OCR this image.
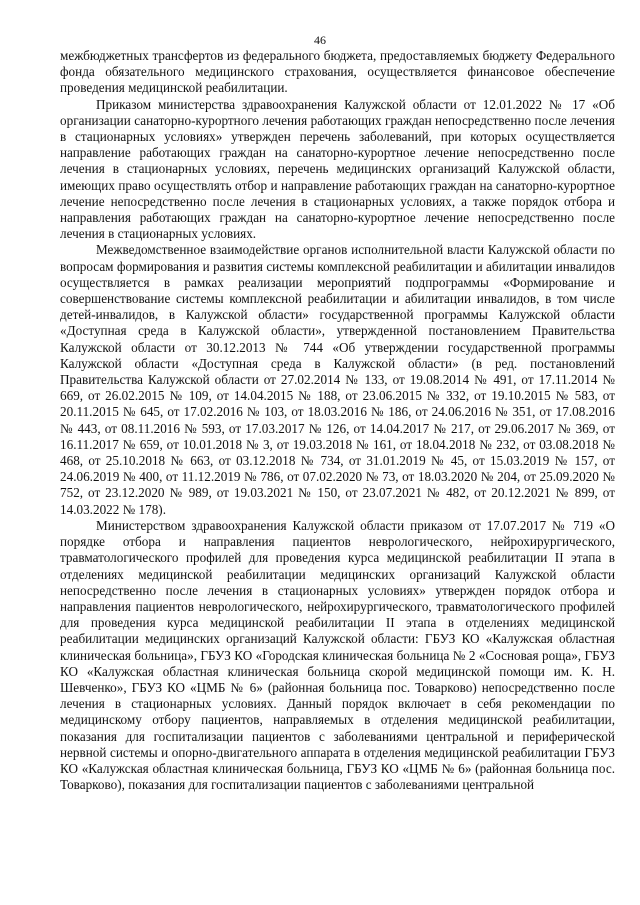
46

межбюджетных трансфертов из федерального бюджета, предоставляемых бюджету Федерального фонда обязательного медицинского страхования, осуществляется финансовое обеспечение проведения медицинской реабилитации.

Приказом министерства здравоохранения Калужской области от 12.01.2022 № 17 «Об организации санаторно-курортного лечения работающих граждан непосредственно после лечения в стационарных условиях» утвержден перечень заболеваний, при которых осуществляется направление работающих граждан на санаторно-курортное лечение непосредственно после лечения в стационарных условиях, перечень медицинских организаций Калужской области, имеющих право осуществлять отбор и направление работающих граждан на санаторно-курортное лечение непосредственно после лечения в стационарных условиях, а также порядок отбора и направления работающих граждан на санаторно-курортное лечение непосредственно после лечения в стационарных условиях.

Межведомственное взаимодействие органов исполнительной власти Калужской области по вопросам формирования и развития системы комплексной реабилитации и абилитации инвалидов осуществляется в рамках реализации мероприятий подпрограммы «Формирование и совершенствование системы комплексной реабилитации и абилитации инвалидов, в том числе детей-инвалидов, в Калужской области» государственной программы Калужской области «Доступная среда в Калужской области», утвержденной постановлением Правительства Калужской области от 30.12.2013 № 744 «Об утверждении государственной программы Калужской области «Доступная среда в Калужской области» (в ред. постановлений Правительства Калужской области от 27.02.2014 № 133, от 19.08.2014 № 491, от 17.11.2014 № 669, от 26.02.2015 № 109, от 14.04.2015 № 188, от 23.06.2015 № 332, от 19.10.2015 № 583, от 20.11.2015 № 645, от 17.02.2016 № 103, от 18.03.2016 № 186, от 24.06.2016 № 351, от 17.08.2016 № 443, от 08.11.2016 № 593, от 17.03.2017 № 126, от 14.04.2017 № 217, от 29.06.2017 № 369, от 16.11.2017 № 659, от 10.01.2018 № 3, от 19.03.2018 № 161, от 18.04.2018 № 232, от 03.08.2018 № 468, от 25.10.2018 № 663, от 03.12.2018 № 734, от 31.01.2019 № 45, от 15.03.2019 № 157, от 24.06.2019 № 400, от 11.12.2019 № 786, от 07.02.2020 № 73, от 18.03.2020 № 204, от 25.09.2020 № 752, от 23.12.2020 № 989, от 19.03.2021 № 150, от 23.07.2021 № 482, от 20.12.2021 № 899, от 14.03.2022 № 178).

Министерством здравоохранения Калужской области приказом от 17.07.2017 № 719 «О порядке отбора и направления пациентов неврологического, нейрохирургического, травматологического профилей для проведения курса медицинской реабилитации II этапа в отделениях медицинской реабилитации медицинских организаций Калужской области непосредственно после лечения в стационарных условиях» утвержден порядок отбора и направления пациентов неврологического, нейрохирургического, травматологического профилей для проведения курса медицинской реабилитации II этапа в отделениях медицинской реабилитации медицинских организаций Калужской области: ГБУЗ КО «Калужская областная клиническая больница», ГБУЗ КО «Городская клиническая больница № 2 «Сосновая роща», ГБУЗ КО «Калужская областная клиническая больница скорой медицинской помощи им. К. Н. Шевченко», ГБУЗ КО «ЦМБ № 6» (районная больница пос. Товарково) непосредственно после лечения в стационарных условиях. Данный порядок включает в себя рекомендации по медицинскому отбору пациентов, направляемых в отделения медицинской реабилитации, показания для госпитализации пациентов с заболеваниями центральной и периферической нервной системы и опорно-двигательного аппарата в отделения медицинской реабилитации ГБУЗ КО «Калужская областная клиническая больница, ГБУЗ КО «ЦМБ № 6» (районная больница пос. Товарково), показания для госпитализации пациентов с заболеваниями центральной
